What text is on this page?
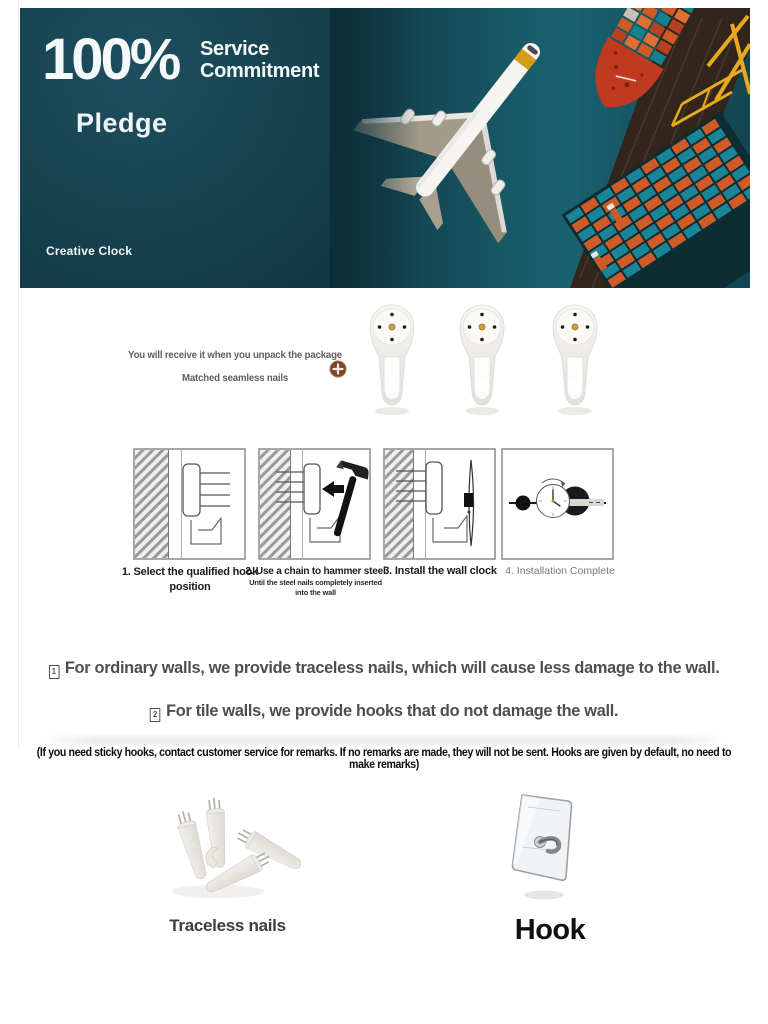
100% Service
Commitment
Pledge
Creative Clock
You will receive it when you unpack the package
Matched seamless nails
1. Select the qualified hook
position
2. Use a chain to hammer steel
Until the steel nails completely inserted
into the wall
3. Install the wall clock 4. Installation Complete
1 For ordinary walls, we provide traceless nails, which will cause less damage to the wall.
2 For tile walls, we provide hooks that do not damage the wall.
(If you need sticky hooks, contact customer service for remarks. If no remarks are made, they will not be sent. Hooks are given by default, no need to make remarks)
Traceless nails	Hook
